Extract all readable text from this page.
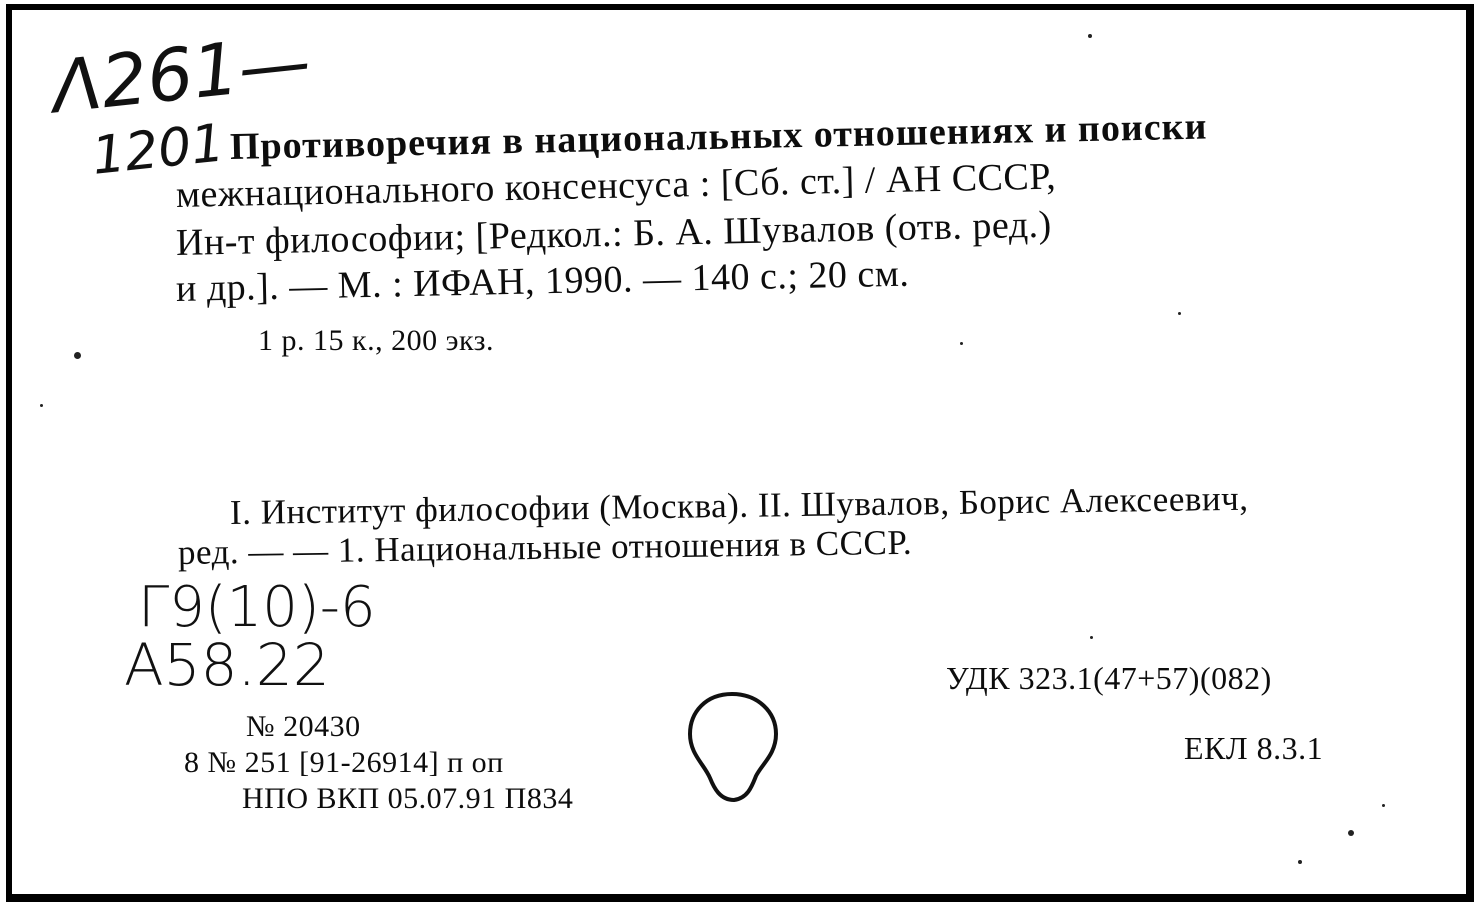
Λ261—

1201

Г9(10)-6

А58.22

Противоречия в национальных отношениях и поиски

межнационального консенсуса : [Сб. ст.] / АН СССР,

Ин-т философии; [Редкол.: Б. А. Шувалов (отв. ред.)

и др.]. — М. : ИФАН, 1990. — 140 с.; 20 см.

1 р. 15 к., 200 экз.

I. Институт философии (Москва). II. Шувалов, Борис Алексеевич,

ред. — — 1. Национальные отношения в СССР.

УДК 323.1(47+57)(082)

ЕКЛ 8.3.1

№ 20430

8 № 251 [91-26914] п оп

НПО ВКП 05.07.91 П834
